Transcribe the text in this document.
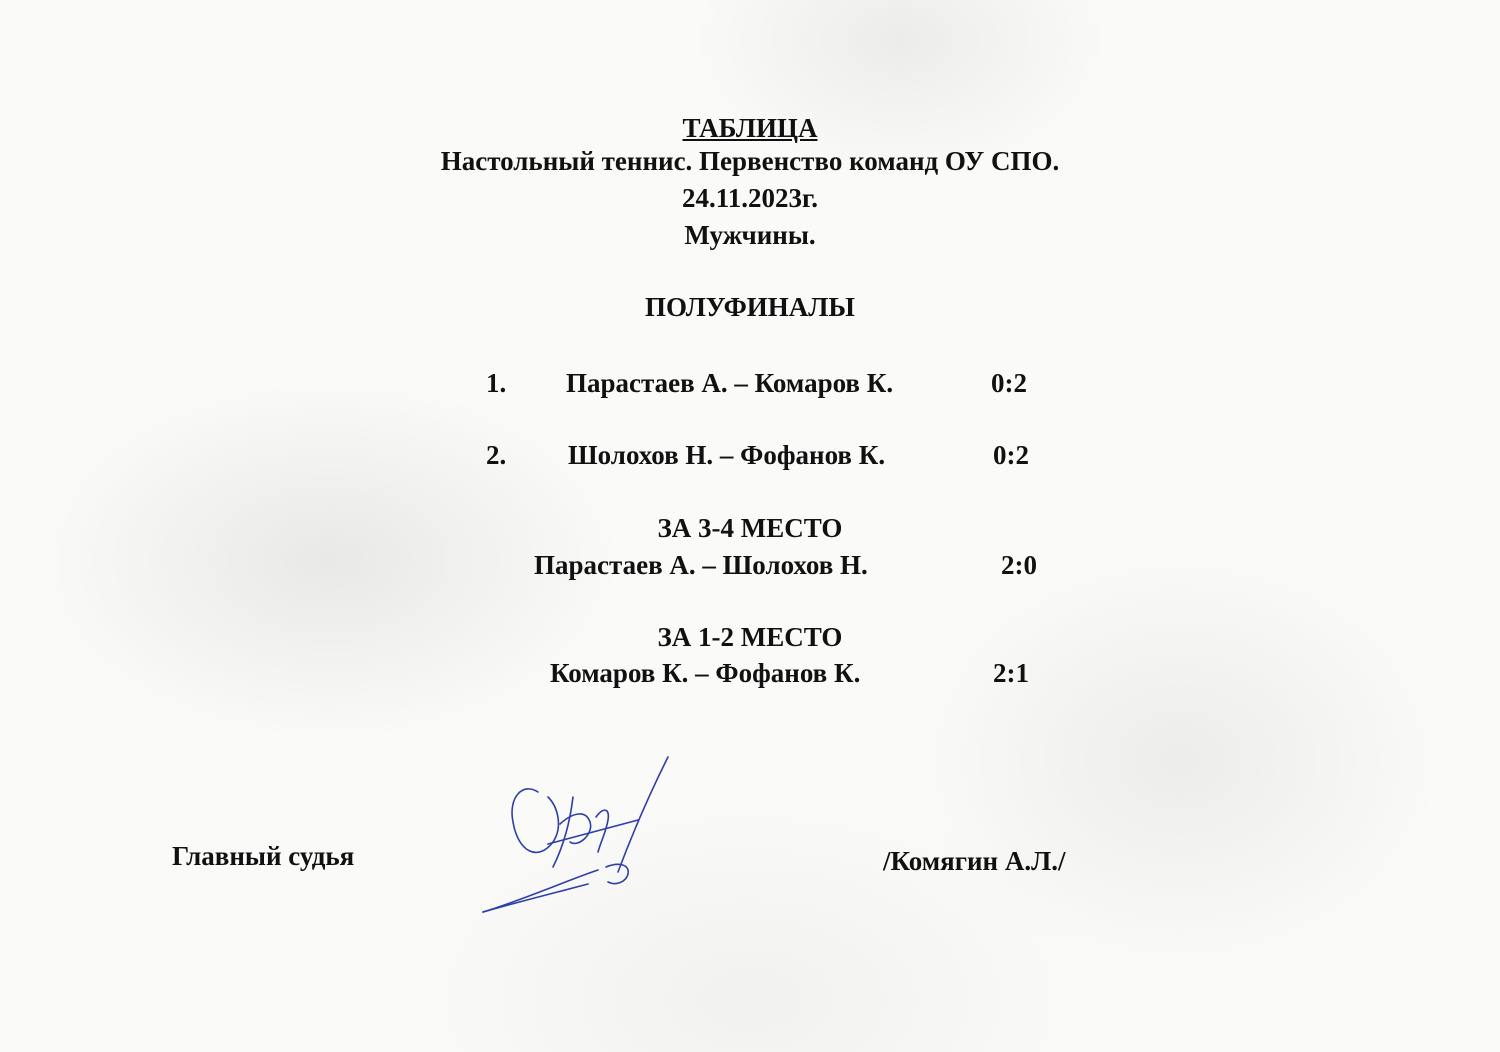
ТАБЛИЦА
Настольный теннис. Первенство команд ОУ СПО.
24.11.2023г.
Мужчины.
ПОЛУФИНАЛЫ
1. Парастаев А. – Комаров К.	0:2
2. Шолохов Н. – Фофанов К.	0:2
ЗА 3-4 МЕСТО
Парастаев А. – Шолохов Н.	2:0
ЗА 1-2 МЕСТО
Комаров К. – Фофанов К.	2:1
Главный судья	/Комягин А.Л./
